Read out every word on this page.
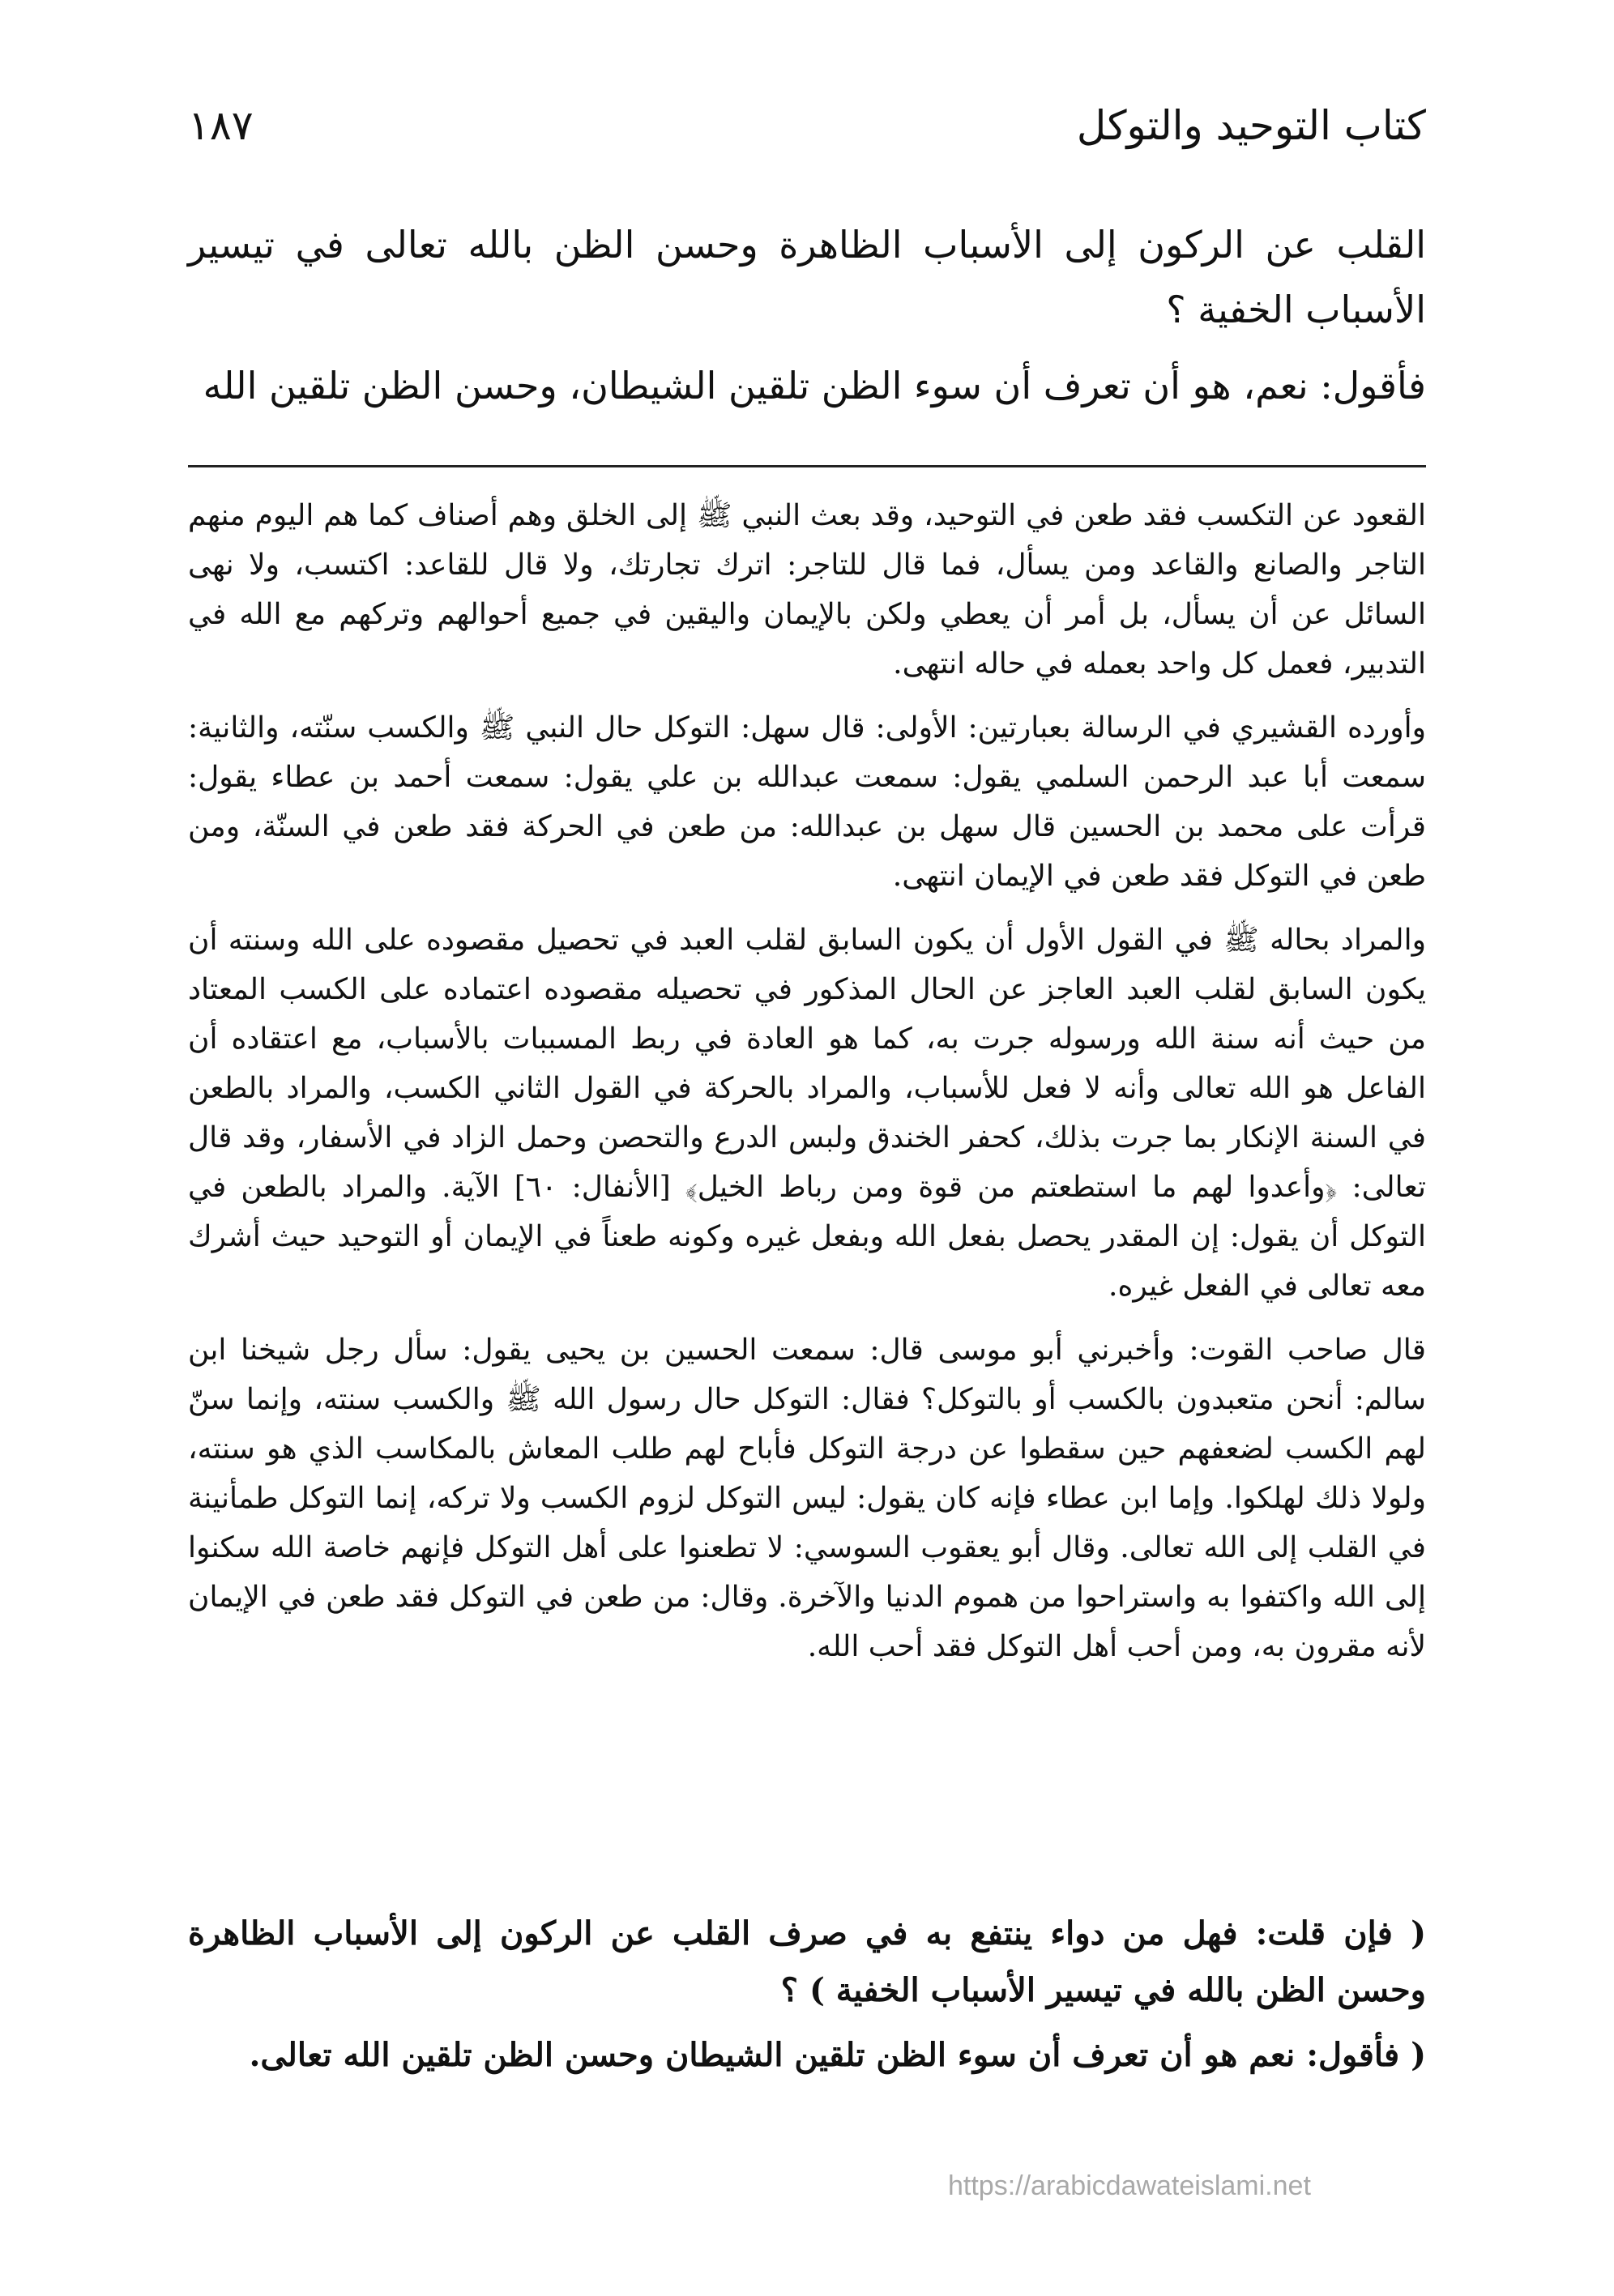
كتاب التوحيد والتوكل
١٨٧

القلب عن الركون إلى الأسباب الظاهرة وحسن الظن بالله تعالى في تيسير الأسباب الخفية ؟

فأقول: نعم، هو أن تعرف أن سوء الظن تلقين الشيطان، وحسن الظن تلقين الله

القعود عن التكسب فقد طعن في التوحيد، وقد بعث النبي ﷺ إلى الخلق وهم أصناف كما هم اليوم منهم التاجر والصانع والقاعد ومن يسأل، فما قال للتاجر: اترك تجارتك، ولا قال للقاعد: اكتسب، ولا نهى السائل عن أن يسأل، بل أمر أن يعطي ولكن بالإيمان واليقين في جميع أحوالهم وتركهم مع الله في التدبير، فعمل كل واحد بعمله في حاله انتهى.

وأورده القشيري في الرسالة بعبارتين: الأولى: قال سهل: التوكل حال النبي ﷺ والكسب سنّته، والثانية: سمعت أبا عبد الرحمن السلمي يقول: سمعت عبدالله بن علي يقول: سمعت أحمد بن عطاء يقول: قرأت على محمد بن الحسين قال سهل بن عبدالله: من طعن في الحركة فقد طعن في السنّة، ومن طعن في التوكل فقد طعن في الإيمان انتهى.

والمراد بحاله ﷺ في القول الأول أن يكون السابق لقلب العبد في تحصيل مقصوده على الله وسنته أن يكون السابق لقلب العبد العاجز عن الحال المذكور في تحصيله مقصوده اعتماده على الكسب المعتاد من حيث أنه سنة الله ورسوله جرت به، كما هو العادة في ربط المسببات بالأسباب، مع اعتقاده أن الفاعل هو الله تعالى وأنه لا فعل للأسباب، والمراد بالحركة في القول الثاني الكسب، والمراد بالطعن في السنة الإنكار بما جرت بذلك، كحفر الخندق ولبس الدرع والتحصن وحمل الزاد في الأسفار، وقد قال تعالى: ﴿وأعدوا لهم ما استطعتم من قوة ومن رباط الخيل﴾ [الأنفال: ٦٠] الآية. والمراد بالطعن في التوكل أن يقول: إن المقدر يحصل بفعل الله وبفعل غيره وكونه طعناً في الإيمان أو التوحيد حيث أشرك معه تعالى في الفعل غيره.

قال صاحب القوت: وأخبرني أبو موسى قال: سمعت الحسين بن يحيى يقول: سأل رجل شيخنا ابن سالم: أنحن متعبدون بالكسب أو بالتوكل؟ فقال: التوكل حال رسول الله ﷺ والكسب سنته، وإنما سنّ لهم الكسب لضعفهم حين سقطوا عن درجة التوكل فأباح لهم طلب المعاش بالمكاسب الذي هو سنته، ولولا ذلك لهلكوا. وإما ابن عطاء فإنه كان يقول: ليس التوكل لزوم الكسب ولا تركه، إنما التوكل طمأنينة في القلب إلى الله تعالى. وقال أبو يعقوب السوسي: لا تطعنوا على أهل التوكل فإنهم خاصة الله سكنوا إلى الله واكتفوا به واستراحوا من هموم الدنيا والآخرة. وقال: من طعن في التوكل فقد طعن في الإيمان لأنه مقرون به، ومن أحب أهل التوكل فقد أحب الله.

( فإن قلت: فهل من دواء ينتفع به في صرف القلب عن الركون إلى الأسباب الظاهرة وحسن الظن بالله في تيسير الأسباب الخفية ) ؟

( فأقول: نعم هو أن تعرف أن سوء الظن تلقين الشيطان وحسن الظن تلقين الله تعالى.

https://arabicdawateislami.net
